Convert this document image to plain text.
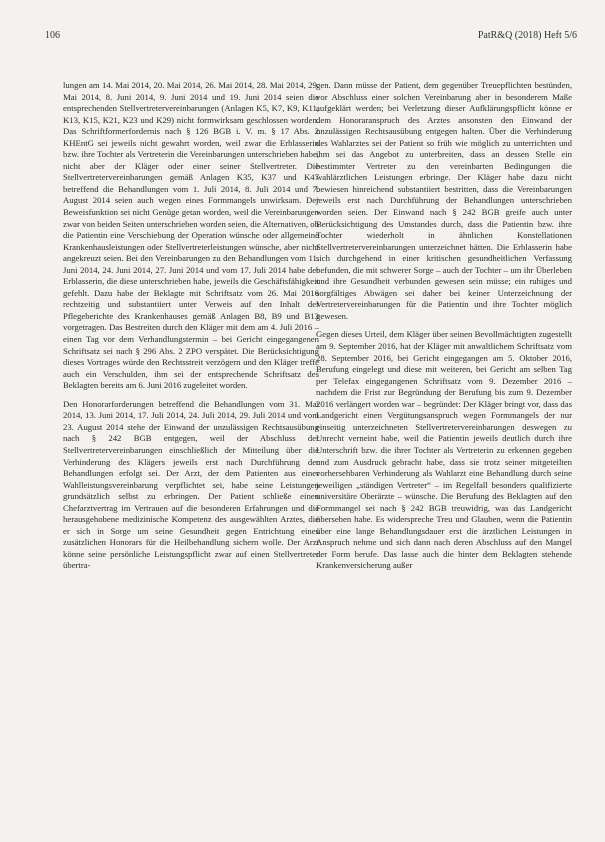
106	PatR&Q (2018) Heft 5/6

lungen am 14. Mai 2014, 20. Mai 2014, 26. Mai 2014, 28. Mai 2014, 29. Mai 2014, 8. Juni 2014, 9. Juni 2014 und 19. Juni 2014 seien die entsprechenden Stellvertretervereinbarungen (Anlagen K5, K7, K9, K11, K13, K15, K21, K23 und K29) nicht formwirksam geschlossen worden. Das Schriftformerfordernis nach § 126 BGB i. V. m. § 17 Abs. 2 KHEntG sei jeweils nicht gewahrt worden, weil zwar die Erblasserin bzw. ihre Tochter als Vertreterin die Vereinbarungen unterschrieben habe, nicht aber der Kläger oder einer seiner Stellvertreter. Die Stellvertretervereinbarungen gemäß Anlagen K35, K37 und K47 betreffend die Behandlungen vom 1. Juli 2014, 8. Juli 2014 und 7. August 2014 seien auch wegen eines Formmangels unwirksam. Der Beweisfunktion sei nicht Genüge getan worden, weil die Vereinbarungen zwar von beiden Seiten unterschrieben worden seien, die Alternativen, ob die Patientin eine Verschiebung der Operation wünsche oder allgemeine Krankenhausleistungen oder Stellvertreterleistungen wünsche, aber nicht angekreuzt seien. Bei den Vereinbarungen zu den Behandlungen vom 11. Juni 2014, 24. Juni 2014, 27. Juni 2014 und vom 17. Juli 2014 habe der Erblasserin, die diese unterschrieben habe, jeweils die Geschäftsfähigkeit gefehlt. Dazu habe der Beklagte mit Schriftsatz vom 26. Mai 2016 rechtzeitig und substantiiert unter Verweis auf den Inhalt der Pflegeberichte des Krankenhauses gemäß Anlagen B8, B9 und B13 vorgetragen. Das Bestreiten durch den Kläger mit dem am 4. Juli 2016 – einen Tag vor dem Verhandlungstermin – bei Gericht eingegangenen Schriftsatz sei nach § 296 Abs. 2 ZPO verspätet. Die Berücksichtigung dieses Vortrages würde den Rechtsstreit verzögern und den Kläger treffe auch ein Verschulden, ihm sei der entsprechende Schriftsatz des Beklagten bereits am 6. Juni 2016 zugeleitet worden.

Den Honorarforderungen betreffend die Behandlungen vom 31. Mai 2014, 13. Juni 2014, 17. Juli 2014, 24. Juli 2014, 29. Juli 2014 und vom 23. August 2014 stehe der Einwand der unzulässigen Rechtsausübung nach § 242 BGB entgegen, weil der Abschluss der Stellvertretervereinbarungen einschließlich der Mitteilung über die Verhinderung des Klägers jeweils erst nach Durchführung der Behandlungen erfolgt sei. Der Arzt, der dem Patienten aus einer Wahlleistungsvereinbarung verpflichtet sei, habe seine Leistungen grundsätzlich selbst zu erbringen. Der Patient schließe einen Chefarztvertrag im Vertrauen auf die besonderen Erfahrungen und die herausgehobene medizinische Kompetenz des ausgewählten Arztes, die er sich in Sorge um seine Gesundheit gegen Entrichtung eines zusätzlichen Honorars für die Heilbehandlung sichern wolle. Der Arzt könne seine persönliche Leistungspflicht zwar auf einen Stellvertreter übertra-

gen. Dann müsse der Patient, dem gegenüber Treuepflichten bestünden, vor Abschluss einer solchen Vereinbarung aber in besonderem Maße aufgeklärt werden; bei Verletzung dieser Aufklärungspflicht könne er dem Honoraranspruch des Arztes ansonsten den Einwand der unzulässigen Rechtsausübung entgegen halten. Über die Verhinderung des Wahlarztes sei der Patient so früh wie möglich zu unterrichten und ihm sei das Angebot zu unterbreiten, dass an dessen Stelle ein bestimmter Vertreter zu den vereinbarten Bedingungen die wahlärztlichen Leistungen erbringe. Der Kläger habe dazu nicht bewiesen hinreichend substantiiert bestritten, dass die Vereinbarungen jeweils erst nach Durchführung der Behandlungen unterschrieben worden seien. Der Einwand nach § 242 BGB greife auch unter Berücksichtigung des Umstandes durch, dass die Patientin bzw. ihre Tochter wiederholt in ähnlichen Konstellationen Stellvertretervereinbarungen unterzeichnet hätten. Die Erblasserin habe sich durchgehend in einer kritischen gesundheitlichen Verfassung befunden, die mit schwerer Sorge – auch der Tochter – um ihr Überleben und ihre Gesundheit verbunden gewesen sein müsse; ein ruhiges und sorgfältiges Abwägen sei daher bei keiner Unterzeichnung der Vertretervereinbarungen für die Patientin und ihre Tochter möglich gewesen.

Gegen dieses Urteil, dem Kläger über seinen Bevollmächtigten zugestellt am 9. September 2016, hat der Kläger mit anwaltlichem Schriftsatz vom 28. September 2016, bei Gericht eingegangen am 5. Oktober 2016, Berufung eingelegt und diese mit weiteren, bei Gericht am selben Tag per Telefax eingegangenen Schriftsatz vom 9. Dezember 2016 – nachdem die Frist zur Begründung der Berufung bis zum 9. Dezember 2016 verlängert worden war – begründet: Der Kläger bringt vor, dass das Landgericht einen Vergütungsanspruch wegen Formmangels der nur einseitig unterzeichneten Stellvertretervereinbarungen deswegen zu Unrecht verneint habe, weil die Patientin jeweils deutlich durch ihre Unterschrift bzw. die ihrer Tochter als Vertreterin zu erkennen gegeben und zum Ausdruck gebracht habe, dass sie trotz seiner mitgeteilten vorhersehbaren Verhinderung als Wahlarzt eine Behandlung durch seine jeweiligen „ständigen Vertreter“ – im Regelfall besonders qualifizierte universitäre Oberärzte – wünsche. Die Berufung des Beklagten auf den Formmangel sei nach § 242 BGB treuwidrig, was das Landgericht übersehen habe. Es widerspreche Treu und Glauben, wenn die Patientin über eine lange Behandlungsdauer erst die ärztlichen Leistungen in Anspruch nehme und sich dann nach deren Abschluss auf den Mangel der Form berufe. Das lasse auch die hinter dem Beklagten stehende Krankenversicherung außer
